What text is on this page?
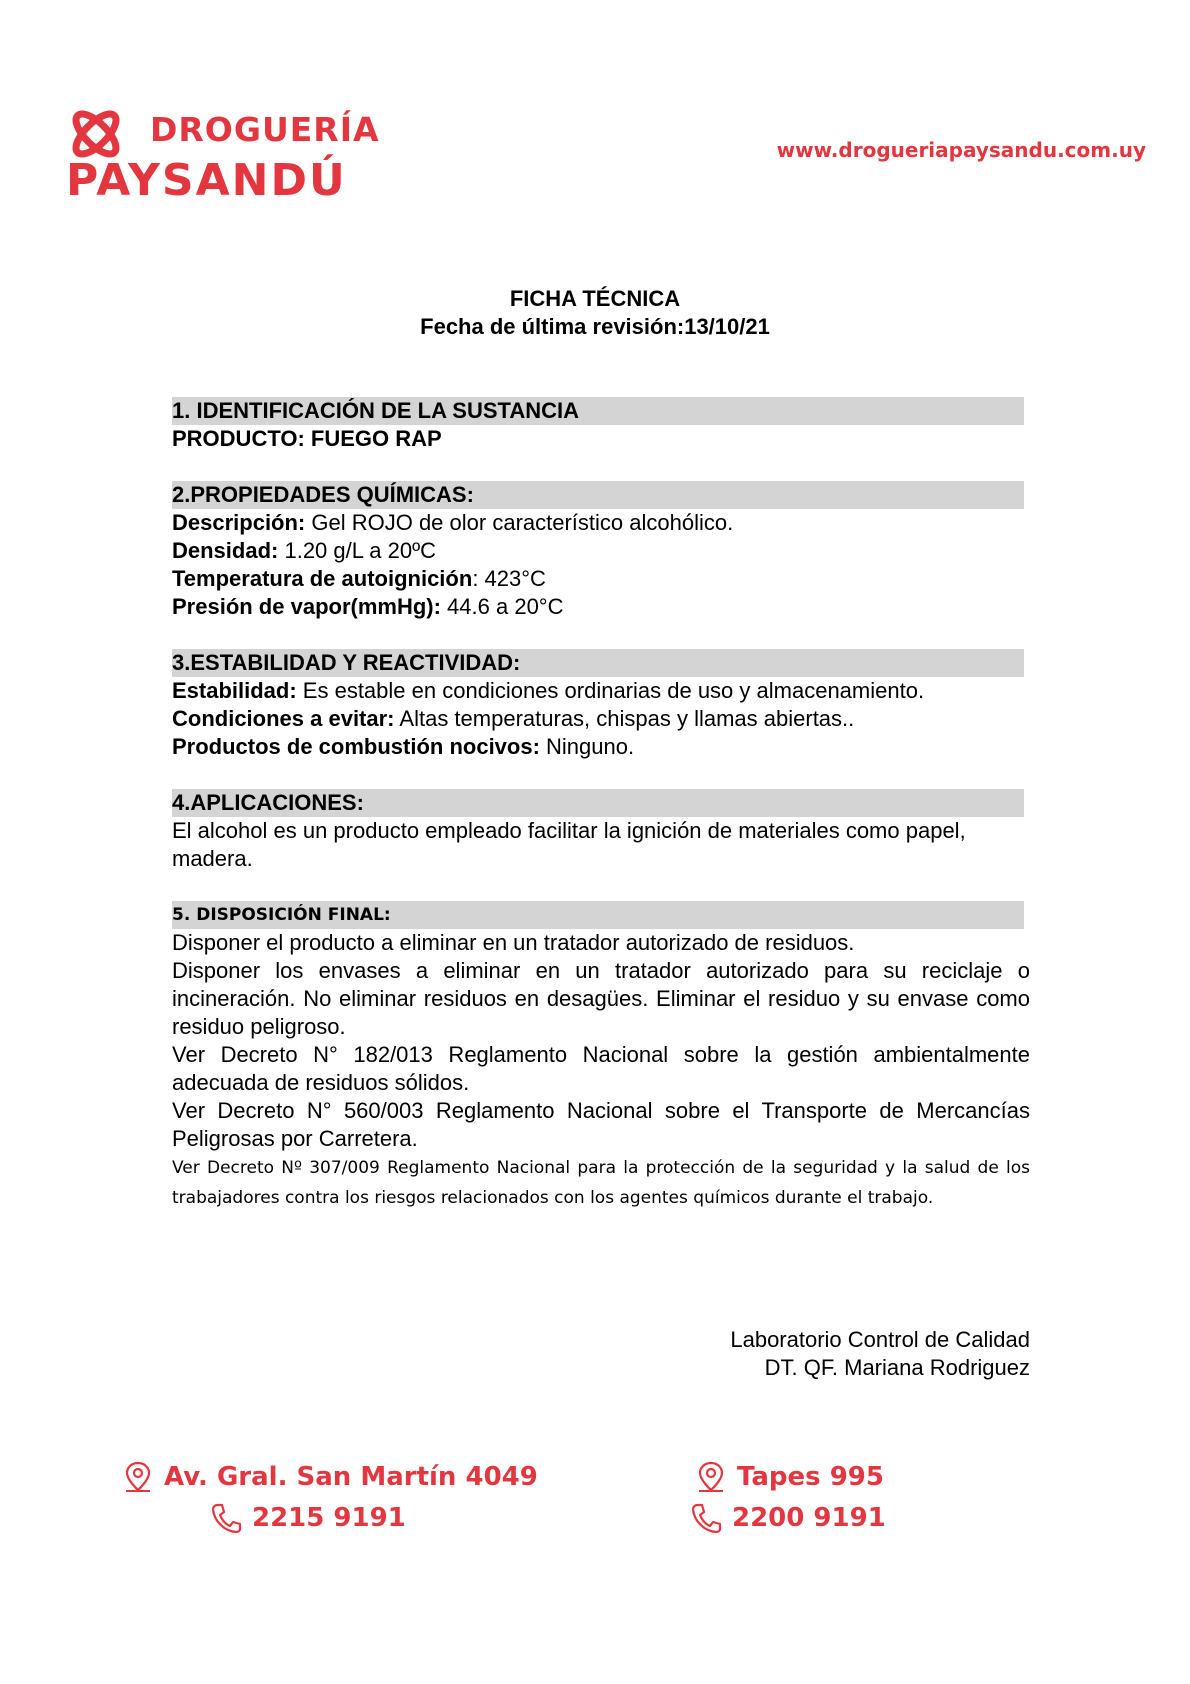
DROGUERÍA
PAYSANDÚ
www.drogueriapaysandu.com.uy
FICHA TÉCNICA
Fecha de última revisión:13/10/21
1. IDENTIFICACIÓN DE LA SUSTANCIA
PRODUCTO: FUEGO RAP
2.PROPIEDADES QUÍMICAS:
Descripción: Gel ROJO de olor característico alcohólico.
Densidad: 1.20 g/L a 20ºC
Temperatura de autoignición: 423°C
Presión de vapor(mmHg): 44.6 a 20°C
3.ESTABILIDAD Y REACTIVIDAD:
Estabilidad: Es estable en condiciones ordinarias de uso y almacenamiento.
Condiciones a evitar: Altas temperaturas, chispas y llamas abiertas..
Productos de combustión nocivos: Ninguno.
4.APLICACIONES:
El alcohol es un producto empleado facilitar la ignición de materiales como papel, madera.
5. DISPOSICIÓN FINAL:
Disponer el producto a eliminar en un tratador autorizado de residuos.
Disponer los envases a eliminar en un tratador autorizado para su reciclaje o incineración. No eliminar residuos en desagües. Eliminar el residuo y su envase como residuo peligroso.
Ver Decreto N° 182/013 Reglamento Nacional sobre la gestión ambientalmente adecuada de residuos sólidos.
Ver Decreto N° 560/003 Reglamento Nacional sobre el Transporte de Mercancías Peligrosas por Carretera.
Ver Decreto Nº 307/009 Reglamento Nacional para la protección de la seguridad y la salud de los trabajadores contra los riesgos relacionados con los agentes químicos durante el trabajo.
Laboratorio Control de Calidad
DT. QF. Mariana Rodriguez
Av. Gral. San Martín 4049
2215 9191
Tapes 995
2200 9191
